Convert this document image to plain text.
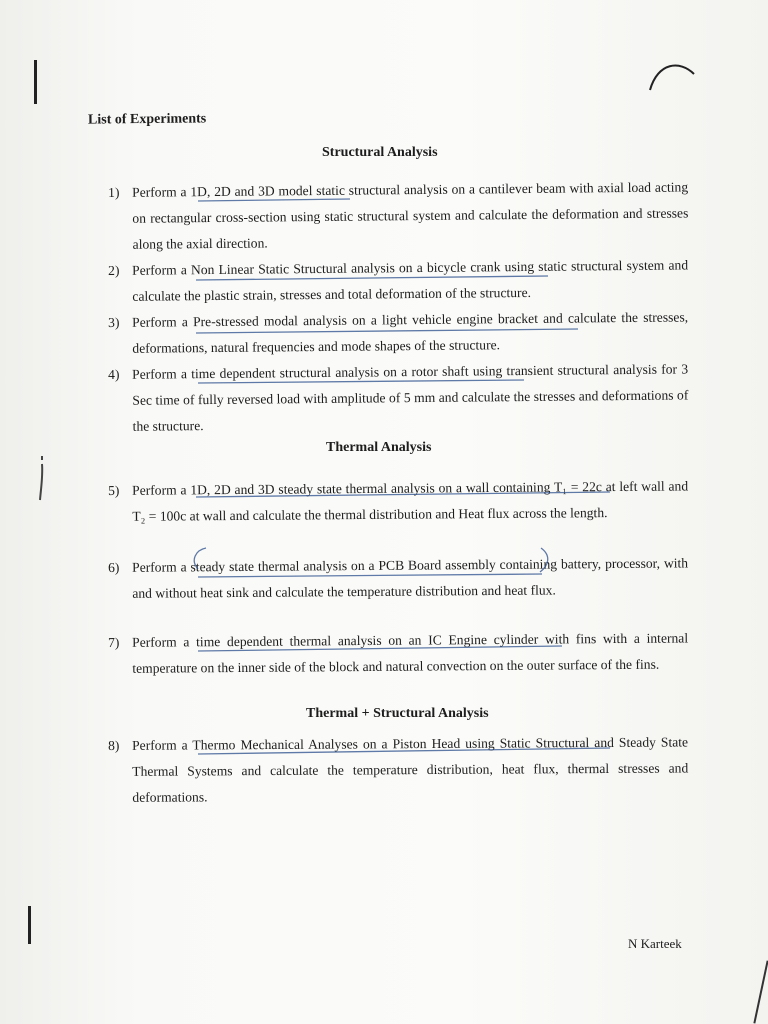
List of Experiments
Structural Analysis
1) Perform a 1D, 2D and 3D model static structural analysis on a cantilever beam with axial load acting on rectangular cross-section using static structural system and calculate the deformation and stresses along the axial direction.
2) Perform a Non Linear Static Structural analysis on a bicycle crank using static structural system and calculate the plastic strain, stresses and total deformation of the structure.
3) Perform a Pre-stressed modal analysis on a light vehicle engine bracket and calculate the stresses, deformations, natural frequencies and mode shapes of the structure.
4) Perform a time dependent structural analysis on a rotor shaft using transient structural analysis for 3 Sec time of fully reversed load with amplitude of 5 mm and calculate the stresses and deformations of the structure.
Thermal Analysis
5) Perform a 1D, 2D and 3D steady state thermal analysis on a wall containing T₁ = 22c at left wall and T₂ = 100c at wall and calculate the thermal distribution and Heat flux across the length.
6) Perform a steady state thermal analysis on a PCB Board assembly containing battery, processor, with and without heat sink and calculate the temperature distribution and heat flux.
7) Perform a time dependent thermal analysis on an IC Engine cylinder with fins with a internal temperature on the inner side of the block and natural convection on the outer surface of the fins.
Thermal + Structural Analysis
8) Perform a Thermo Mechanical Analyses on a Piston Head using Static Structural and Steady State Thermal Systems and calculate the temperature distribution, heat flux, thermal stresses and deformations.
N Karteek
